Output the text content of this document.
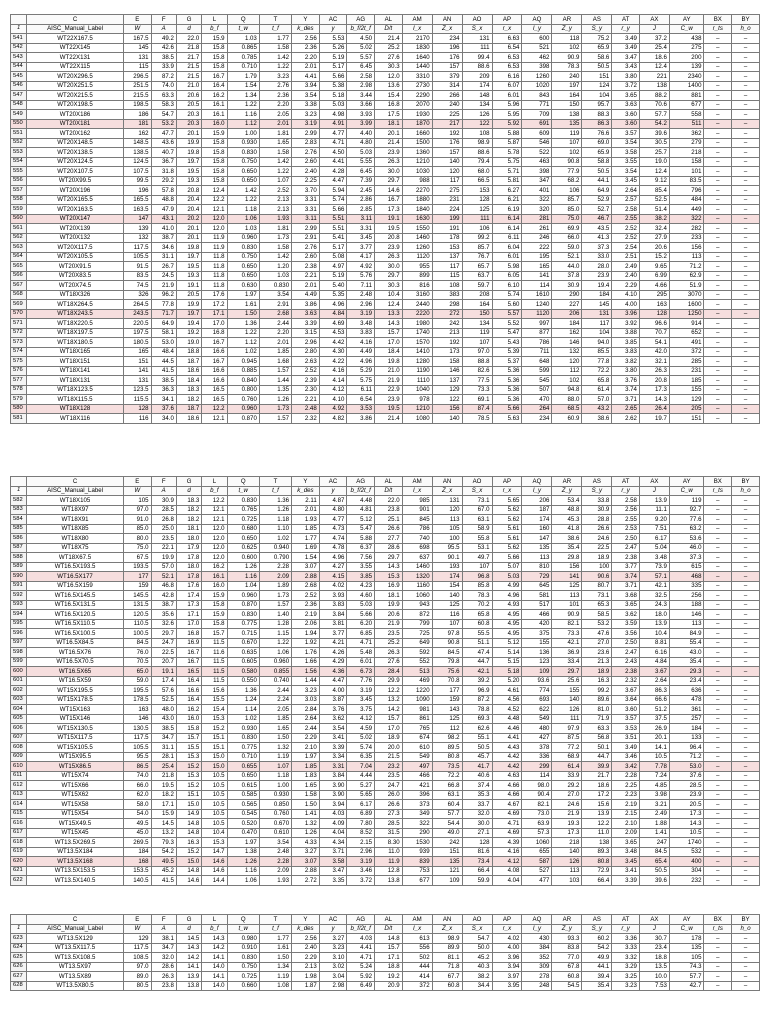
	C	E	F	G	L	Q	T	Y	AC	AG	AL	AM	AN	AO	AP	AQ	AR	AS	AT	AX	AY	BX	BY
1	AISC_Manual_Label	W	A	d	b_f	t_w	t_f	k_des	y	b_f/2t_f	D/t	I_x	Z_x	S_x	r_x	I_y	Z_y	S_y	r_y	J	C_w	r_ts	h_o
541	WT22X167.5	167.5	49.2	22.0	15.9	1.03	1.77	2.56	5.53	4.50	21.4	2170	234	131	6.63	600	118	75.2	3.49	37.2	438	–	–
542	WT22X145	145	42.6	21.8	15.8	0.865	1.58	2.36	5.26	5.02	25.2	1830	196	111	6.54	521	102	65.9	3.49	25.4	275	–	–
543	WT22X131	131	38.5	21.7	15.8	0.785	1.42	2.20	5.19	5.57	27.6	1640	176	99.4	6.53	462	90.9	58.6	3.47	18.6	200	–	–
544	WT22X115	115	33.9	21.5	15.8	0.710	1.22	2.01	5.17	6.45	30.3	1440	157	88.6	6.53	398	78.3	50.5	3.43	12.4	139	–	–
545	WT20X296.5	296.5	87.2	21.5	16.7	1.79	3.23	4.41	5.66	2.58	12.0	3310	379	209	6.16	1260	240	151	3.80	221	2340	–	–
546	WT20X251.5	251.5	74.0	21.0	16.4	1.54	2.76	3.94	5.38	2.98	13.6	2730	314	174	6.07	1020	197	124	3.72	138	1400	–	–
547	WT20X215.5	215.5	63.3	20.6	16.2	1.34	2.36	3.54	5.18	3.44	15.4	2290	266	148	6.01	843	164	104	3.65	88.2	881	–	–
548	WT20X198.5	198.5	58.3	20.5	16.1	1.22	2.20	3.38	5.03	3.66	16.8	2070	240	134	5.96	771	150	95.7	3.63	70.6	677	–	–
549	WT20X186	186	54.7	20.3	16.1	1.16	2.05	3.23	4.98	3.93	17.5	1930	225	126	5.95	709	138	88.3	3.60	57.7	558	–	–
550	WT20X181	181	53.2	20.3	16.0	1.12	2.01	3.19	4.91	3.99	18.1	1870	217	122	5.92	691	135	86.3	3.60	54.2	511	–	–
551	WT20X162	162	47.7	20.1	15.9	1.00	1.81	2.99	4.77	4.40	20.1	1660	192	108	5.88	609	119	76.6	3.57	39.6	362	–	–
552	WT20X148.5	148.5	43.6	19.9	15.8	0.930	1.65	2.83	4.71	4.80	21.4	1500	176	98.9	5.87	546	107	69.0	3.54	30.5	279	–	–
553	WT20X138.5	138.5	40.7	19.8	15.8	0.830	1.58	2.76	4.50	5.03	23.9	1360	157	88.6	5.78	522	102	65.9	3.58	25.7	218	–	–
554	WT20X124.5	124.5	36.7	19.7	15.8	0.750	1.42	2.60	4.41	5.55	26.3	1210	140	79.4	5.75	463	90.8	58.8	3.55	19.0	158	–	–
555	WT20X107.5	107.5	31.8	19.5	15.8	0.650	1.22	2.40	4.28	6.45	30.0	1030	120	68.0	5.71	398	77.9	50.5	3.54	12.4	101	–	–
556	WT20X99.5	99.5	29.2	19.3	15.8	0.650	1.07	2.25	4.47	7.39	29.7	988	117	66.5	5.81	347	68.2	44.1	3.45	9.12	83.5	–	–
557	WT20X196	196	57.8	20.8	12.4	1.42	2.52	3.70	5.94	2.45	14.6	2270	275	153	6.27	401	106	64.9	2.64	85.4	796	–	–
558	WT20X165.5	165.5	48.8	20.4	12.2	1.22	2.13	3.31	5.74	2.86	16.7	1880	231	128	6.21	322	85.7	52.9	2.57	52.5	484	–	–
559	WT20X163.5	163.5	47.9	20.4	12.1	1.18	2.13	3.31	5.66	2.85	17.3	1840	224	125	6.19	320	85.0	52.7	2.58	51.4	449	–	–
560	WT20X147	147	43.1	20.2	12.0	1.06	1.93	3.11	5.51	3.11	19.1	1630	199	111	6.14	281	75.0	46.7	2.55	38.2	322	–	–
561	WT20X139	139	41.0	20.1	12.0	1.03	1.81	2.99	5.51	3.31	19.5	1550	191	106	6.14	261	69.9	43.5	2.52	32.4	282	–	–
562	WT20X132	132	38.7	20.1	11.9	0.960	1.73	2.91	5.41	3.45	20.8	1460	178	99.2	6.11	246	66.0	41.3	2.52	27.9	233	–	–
563	WT20X117.5	117.5	34.6	19.8	11.9	0.830	1.58	2.76	5.17	3.77	23.9	1260	153	85.7	6.04	222	59.0	37.3	2.54	20.6	156	–	–
564	WT20X105.5	105.5	31.1	19.7	11.8	0.750	1.42	2.60	5.08	4.17	26.3	1120	137	76.7	6.01	195	52.1	33.0	2.51	15.2	113	–	–
565	WT20X91.5	91.5	26.7	19.5	11.8	0.650	1.20	2.38	4.97	4.92	30.0	955	117	65.7	5.98	165	44.0	28.0	2.49	9.65	71.2	–	–
566	WT20X83.5	83.5	24.5	19.3	11.8	0.650	1.03	2.21	5.19	5.76	29.7	899	115	63.7	6.05	141	37.8	23.9	2.40	6.99	62.9	–	–
567	WT20X74.5	74.5	21.9	19.1	11.8	0.630	0.830	2.01	5.40	7.11	30.3	816	108	59.7	6.10	114	30.9	19.4	2.29	4.66	51.9	–	–
568	WT18X326	326	96.2	20.5	17.6	1.97	3.54	4.49	5.35	2.48	10.4	3160	383	208	5.74	1610	290	184	4.10	295	3070	–	–
569	WT18X264.5	264.5	77.8	19.9	17.2	1.61	2.91	3.86	4.96	2.96	12.4	2440	298	164	5.60	1240	227	145	4.00	163	1600	–	–
570	WT18X243.5	243.5	71.7	19.7	17.1	1.50	2.68	3.63	4.84	3.19	13.3	2220	272	150	5.57	1120	206	131	3.96	128	1250	–	–
571	WT18X220.5	220.5	64.9	19.4	17.0	1.36	2.44	3.39	4.69	3.48	14.3	1980	242	134	5.52	997	184	117	3.92	96.6	914	–	–
572	WT18X197.5	197.5	58.1	19.2	16.8	1.22	2.20	3.15	4.53	3.83	15.7	1740	213	119	5.47	877	162	104	3.88	70.7	652	–	–
573	WT18X180.5	180.5	53.0	19.0	16.7	1.12	2.01	2.96	4.42	4.16	17.0	1570	192	107	5.43	786	146	94.0	3.85	54.1	491	–	–
574	WT18X165	165	48.4	18.8	16.6	1.02	1.85	2.80	4.30	4.49	18.4	1410	173	97.0	5.39	711	132	85.5	3.83	42.0	372	–	–
575	WT18X151	151	44.5	18.7	16.7	0.945	1.68	2.63	4.22	4.96	19.8	1280	158	88.8	5.37	648	120	77.8	3.82	32.1	285	–	–
576	WT18X141	141	41.5	18.6	16.6	0.885	1.57	2.52	4.16	5.29	21.0	1190	146	82.6	5.36	599	112	72.2	3.80	26.3	231	–	–
577	WT18X131	131	38.5	18.4	16.6	0.840	1.44	2.39	4.14	5.75	21.9	1110	137	77.5	5.36	545	102	65.8	3.76	20.8	185	–	–
578	WT18X123.5	123.5	36.3	18.3	16.5	0.800	1.35	2.30	4.12	6.11	22.9	1040	129	73.3	5.36	507	94.8	61.4	3.74	17.3	155	–	–
579	WT18X115.5	115.5	34.1	18.2	16.5	0.760	1.26	2.21	4.10	6.54	23.9	978	122	69.1	5.36	470	88.0	57.0	3.71	14.3	129	–	–
580	WT18X128	128	37.6	18.7	12.2	0.960	1.73	2.48	4.92	3.53	19.5	1210	156	87.4	5.66	264	68.5	43.2	2.65	26.4	205	–	–
581	WT18X116	116	34.0	18.6	12.1	0.870	1.57	2.32	4.82	3.86	21.4	1080	140	78.5	5.63	234	60.9	38.6	2.62	19.7	151	–	–
	C	E	F	G	L	Q	T	Y	AC	AG	AL	AM	AN	AO	AP	AQ	AR	AS	AT	AX	AY	BX	BY
1	AISC_Manual_Label	W	A	d	b_f	t_w	t_f	k_des	y	b_f/2t_f	D/t	I_x	Z_x	S_x	r_x	I_y	Z_y	S_y	r_y	J	C_w	r_ts	h_o
582	WT18X105	105	30.9	18.3	12.2	0.830	1.36	2.11	4.87	4.48	22.0	985	131	73.1	5.65	206	53.4	33.8	2.58	13.9	119	–	–
583	WT18X97	97.0	28.5	18.2	12.1	0.765	1.26	2.01	4.80	4.81	23.8	901	120	67.0	5.62	187	48.8	30.9	2.56	11.1	92.7	–	–
584	WT18X91	91.0	26.8	18.2	12.1	0.725	1.18	1.93	4.77	5.12	25.1	845	113	63.1	5.62	174	45.3	28.8	2.55	9.20	77.6	–	–
585	WT18X85	85.0	25.0	18.1	12.0	0.680	1.10	1.85	4.73	5.47	26.6	786	105	58.9	5.61	160	41.8	26.6	2.53	7.51	63.2	–	–
586	WT18X80	80.0	23.5	18.0	12.0	0.650	1.02	1.77	4.74	5.88	27.7	740	100	55.8	5.61	147	38.6	24.6	2.50	6.17	53.6	–	–
587	WT18X75	75.0	22.1	17.9	12.0	0.625	0.940	1.69	4.78	6.37	28.6	698	95.5	53.1	5.62	135	35.4	22.5	2.47	5.04	46.0	–	–
588	WT18X67.5	67.5	19.9	17.8	12.0	0.600	0.790	1.54	4.96	7.56	29.7	637	90.1	49.7	5.66	113	29.8	18.9	2.38	3.48	37.3	–	–
589	WT16.5X193.5	193.5	57.0	18.0	16.2	1.26	2.28	3.07	4.27	3.55	14.3	1460	193	107	5.07	810	156	100	3.77	73.9	615	–	–
590	WT16.5X177	177	52.1	17.8	16.1	1.16	2.09	2.88	4.15	3.85	15.3	1320	174	96.8	5.03	729	141	90.6	3.74	57.1	468	–	–
591	WT16.5X159	159	46.8	17.6	16.0	1.04	1.89	2.68	4.02	4.23	16.9	1160	154	85.8	4.99	645	125	80.7	3.71	42.1	335	–	–
592	WT16.5X145.5	145.5	42.8	17.4	15.9	0.960	1.73	2.52	3.93	4.60	18.1	1060	140	78.3	4.96	581	113	73.1	3.68	32.5	256	–	–
593	WT16.5X131.5	131.5	38.7	17.3	15.8	0.870	1.57	2.36	3.83	5.03	19.9	943	125	70.2	4.93	517	101	65.3	3.65	24.3	188	–	–
594	WT16.5X120.5	120.5	35.6	17.1	15.9	0.830	1.40	2.19	3.84	5.66	20.6	872	116	65.8	4.95	466	90.9	58.5	3.62	18.0	146	–	–
595	WT16.5X110.5	110.5	32.6	17.0	15.8	0.775	1.28	2.06	3.81	6.20	21.9	799	107	60.8	4.95	420	82.1	53.2	3.59	13.9	113	–	–
596	WT16.5X100.5	100.5	29.7	16.8	15.7	0.715	1.15	1.94	3.77	6.85	23.5	725	97.8	55.5	4.95	375	73.3	47.6	3.56	10.4	84.9	–	–
597	WT16.5X84.5	84.5	24.7	16.9	11.5	0.670	1.22	1.92	4.21	4.71	25.2	649	90.8	51.1	5.12	155	42.1	27.0	2.50	8.81	55.4	–	–
598	WT16.5X76	76.0	22.5	16.7	11.6	0.635	1.06	1.76	4.26	5.48	26.3	592	84.5	47.4	5.14	136	36.9	23.6	2.47	6.16	43.0	–	–
599	WT16.5X70.5	70.5	20.7	16.7	11.5	0.605	0.960	1.66	4.29	6.01	27.6	552	79.8	44.7	5.15	123	33.4	21.3	2.43	4.84	35.4	–	–
600	WT16.5X65	65.0	19.1	16.5	11.5	0.580	0.855	1.56	4.36	6.73	28.4	513	75.6	42.1	5.18	109	29.7	18.9	2.38	3.67	29.3	–	–
601	WT16.5X59	59.0	17.4	16.4	11.5	0.550	0.740	1.44	4.47	7.76	29.9	469	70.8	39.2	5.20	93.6	25.6	16.3	2.32	2.64	23.4	–	–
602	WT15X195.5	195.5	57.6	16.6	15.6	1.36	2.44	3.23	4.00	3.19	12.2	1220	177	96.9	4.61	774	155	99.2	3.67	86.3	636	–	–
603	WT15X178.5	178.5	52.5	16.4	15.5	1.24	2.24	3.03	3.87	3.45	13.2	1090	159	87.2	4.56	693	140	89.6	3.64	66.6	478	–	–
604	WT15X163	163	48.0	16.2	15.4	1.14	2.05	2.84	3.76	3.75	14.2	981	143	78.8	4.52	622	126	81.0	3.60	51.2	361	–	–
605	WT15X146	146	43.0	16.0	15.3	1.02	1.85	2.64	3.62	4.12	15.7	861	125	69.3	4.48	549	111	71.9	3.57	37.5	257	–	–
606	WT15X130.5	130.5	38.5	15.8	15.2	0.930	1.65	2.44	3.54	4.59	17.0	765	112	62.6	4.46	480	97.9	63.3	3.53	26.9	184	–	–
607	WT15X117.5	117.5	34.7	15.7	15.1	0.830	1.50	2.29	3.41	5.02	18.9	674	98.2	55.1	4.41	427	87.5	56.8	3.51	20.1	133	–	–
608	WT15X105.5	105.5	31.1	15.5	15.1	0.775	1.32	2.10	3.39	5.74	20.0	610	89.5	50.5	4.43	378	77.2	50.1	3.49	14.1	96.4	–	–
609	WT15X95.5	95.5	28.1	15.3	15.0	0.710	1.19	1.97	3.34	6.35	21.5	549	80.8	45.7	4.42	336	68.9	44.7	3.46	10.5	71.2	–	–
610	WT15X86.5	86.5	25.4	15.2	15.0	0.655	1.07	1.85	3.31	7.04	23.2	497	73.5	41.7	4.42	299	61.4	39.9	3.42	7.78	53.0	–	–
611	WT15X74	74.0	21.8	15.3	10.5	0.650	1.18	1.83	3.84	4.44	23.5	466	72.2	40.6	4.63	114	33.9	21.7	2.28	7.24	37.6	–	–
612	WT15X66	66.0	19.5	15.2	10.5	0.615	1.00	1.65	3.90	5.27	24.7	421	66.8	37.4	4.66	98.0	29.2	18.6	2.25	4.85	28.5	–	–
613	WT15X62	62.0	18.2	15.1	10.5	0.585	0.930	1.58	3.90	5.65	26.0	396	63.1	35.3	4.66	90.4	27.0	17.2	2.23	3.98	23.9	–	–
614	WT15X58	58.0	17.1	15.0	10.5	0.565	0.850	1.50	3.94	6.17	26.6	373	60.4	33.7	4.67	82.1	24.6	15.6	2.19	3.21	20.5	–	–
615	WT15X54	54.0	15.9	14.9	10.5	0.545	0.760	1.41	4.03	6.89	27.3	349	57.7	32.0	4.69	73.0	21.9	13.9	2.15	2.49	17.3	–	–
616	WT15X49.5	49.5	14.5	14.8	10.5	0.520	0.670	1.32	4.09	7.80	28.5	322	54.4	30.0	4.71	63.9	19.3	12.2	2.10	1.88	14.3	–	–
617	WT15X45	45.0	13.2	14.8	10.4	0.470	0.610	1.26	4.04	8.52	31.5	290	49.0	27.1	4.69	57.3	17.3	11.0	2.09	1.41	10.5	–	–
618	WT13.5X269.5	269.5	79.3	16.3	15.3	1.97	3.54	4.33	4.34	2.15	8.30	1530	242	128	4.39	1060	218	138	3.65	247	1740	–	–
619	WT13.5X184	184	54.2	15.2	14.7	1.38	2.48	3.27	3.71	2.96	11.0	939	151	81.6	4.16	655	140	89.3	3.48	84.5	532	–	–
620	WT13.5X168	168	49.5	15.0	14.6	1.26	2.28	3.07	3.58	3.19	11.9	839	135	73.4	4.12	587	126	80.8	3.45	65.4	400	–	–
621	WT13.5X153.5	153.5	45.2	14.8	14.6	1.16	2.09	2.88	3.47	3.46	12.8	753	121	66.4	4.08	527	113	72.9	3.41	50.5	304	–	–
622	WT13.5X140.5	140.5	41.5	14.6	14.4	1.06	1.93	2.72	3.35	3.72	13.8	677	109	59.9	4.04	477	103	66.4	3.39	39.6	232	–	–
	C	E	F	G	L	Q	T	Y	AC	AG	AL	AM	AN	AO	AP	AQ	AR	AS	AT	AX	AY	BX	BY
1	AISC_Manual_Label	W	A	d	b_f	t_w	t_f	k_des	y	b_f/2t_f	D/t	I_x	Z_x	S_x	r_x	I_y	Z_y	S_y	r_y	J	C_w	r_ts	h_o
623	WT13.5X129	129	38.1	14.5	14.3	0.980	1.77	2.56	3.27	4.03	14.8	613	98.9	54.7	4.02	430	93.3	60.2	3.36	30.7	178	–	–
624	WT13.5X117.5	117.5	34.7	14.3	14.2	0.910	1.61	2.40	3.23	4.41	15.7	556	89.9	50.0	4.00	384	83.8	54.2	3.33	23.4	135	–	–
625	WT13.5X108.5	108.5	32.0	14.2	14.1	0.830	1.50	2.29	3.10	4.71	17.1	502	81.1	45.2	3.96	352	77.0	49.9	3.32	18.8	105	–	–
626	WT13.5X97	97.0	28.6	14.1	14.0	0.750	1.34	2.13	3.02	5.24	18.8	444	71.8	40.3	3.94	309	67.8	44.1	3.29	13.5	74.3	–	–
627	WT13.5X89	89.0	26.3	13.9	14.1	0.725	1.19	1.98	3.04	5.92	19.2	414	67.7	38.2	3.97	278	60.8	39.4	3.25	10.0	57.7	–	–
628	WT13.5X80.5	80.5	23.8	13.8	14.0	0.660	1.08	1.87	2.98	6.49	20.9	372	60.8	34.4	3.95	248	54.5	35.4	3.23	7.53	42.7	–	–
